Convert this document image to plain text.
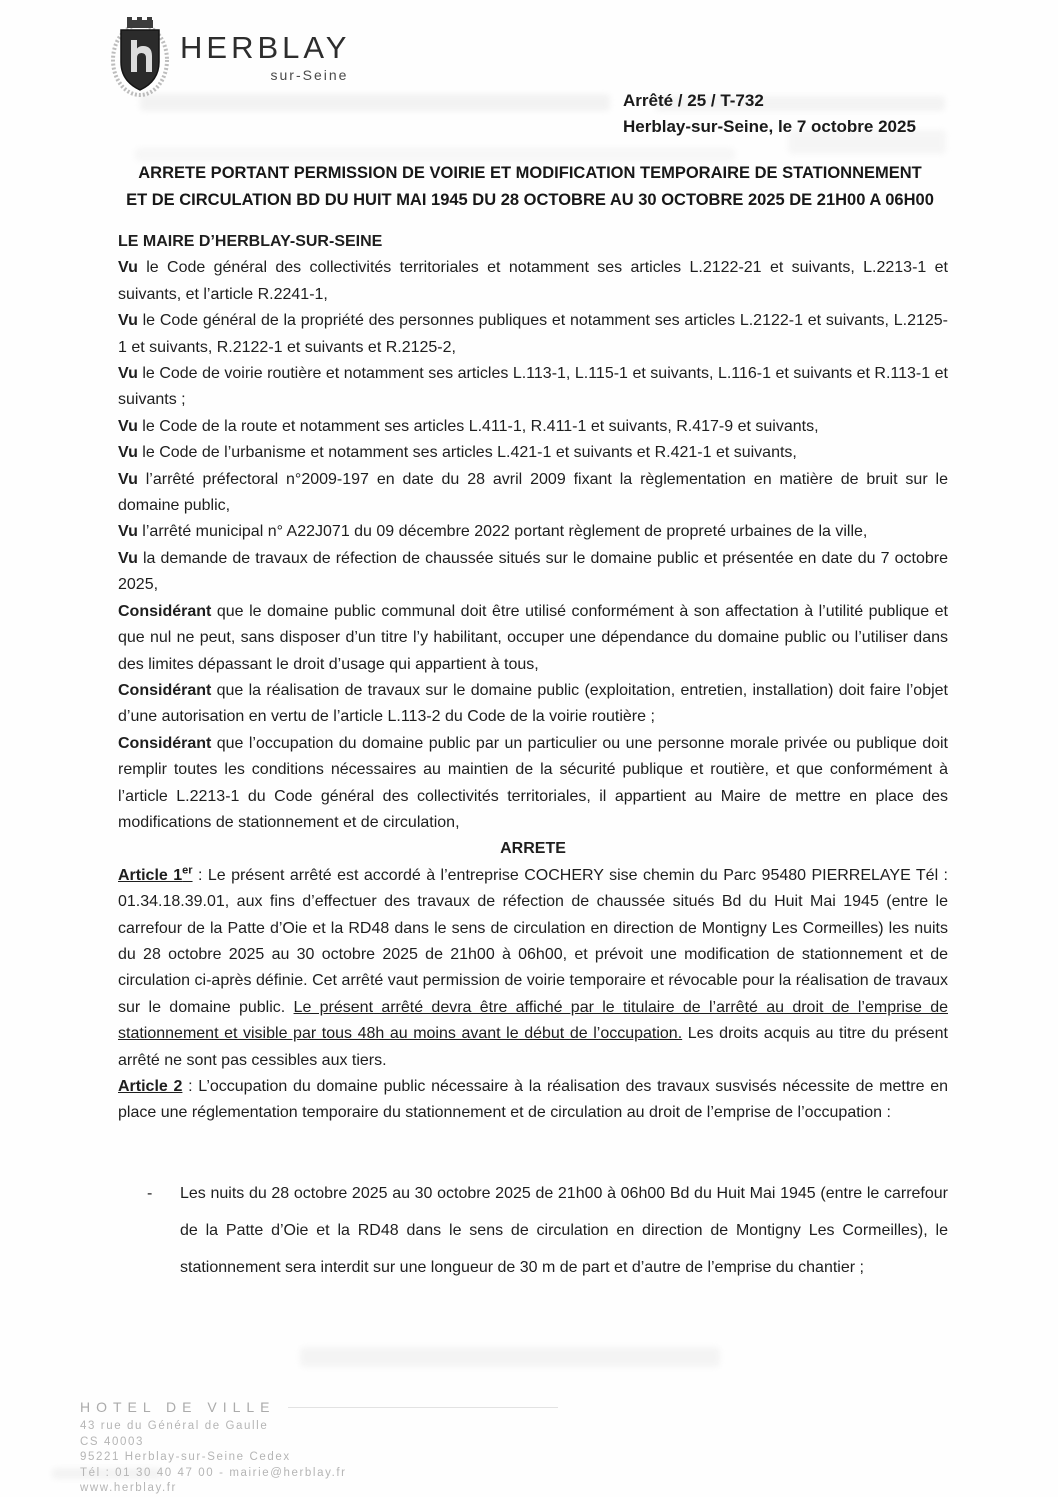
HERBLAY
sur-Seine
Arrêté / 25 / T-732
Herblay-sur-Seine, le 7 octobre 2025
ARRETE PORTANT PERMISSION DE VOIRIE ET MODIFICATION TEMPORAIRE DE STATIONNEMENT
ET DE CIRCULATION BD DU HUIT MAI 1945 DU 28 OCTOBRE AU 30 OCTOBRE 2025 DE 21H00 A 06H00

LE MAIRE D’HERBLAY-SUR-SEINE

Vu le Code général des collectivités territoriales et notamment ses articles L.2122-21 et suivants, L.2213-1 et suivants, et l’article R.2241-1,

Vu le Code général de la propriété des personnes publiques et notamment ses articles L.2122-1 et suivants, L.2125-1 et suivants, R.2122-1 et suivants et R.2125-2,

Vu le Code de voirie routière et notamment ses articles L.113-1, L.115-1 et suivants, L.116-1 et suivants et R.113-1 et suivants ;

Vu le Code de la route et notamment ses articles L.411-1, R.411-1 et suivants, R.417-9 et suivants,

Vu le Code de l’urbanisme et notamment ses articles L.421-1 et suivants et R.421-1 et suivants,

Vu l’arrêté préfectoral n°2009-197 en date du 28 avril 2009 fixant la règlementation en matière de bruit sur le domaine public,

Vu l’arrêté municipal n° A22J071 du 09 décembre 2022 portant règlement de propreté urbaines de la ville,

Vu la demande de travaux de réfection de chaussée situés sur le domaine public et présentée en date du 7 octobre 2025,

Considérant que le domaine public communal doit être utilisé conformément à son affectation à l’utilité publique et que nul ne peut, sans disposer d’un titre l’y habilitant, occuper une dépendance du domaine public ou l’utiliser dans des limites dépassant le droit d’usage qui appartient à tous,

Considérant que la réalisation de travaux sur le domaine public (exploitation, entretien, installation) doit faire l’objet d’une autorisation en vertu de l’article L.113-2 du Code de la voirie routière ;

Considérant que l’occupation du domaine public par un particulier ou une personne morale privée ou publique doit remplir toutes les conditions nécessaires au maintien de la sécurité publique et routière, et que conformément à l’article L.2213-1 du Code général des collectivités territoriales, il appartient au Maire de mettre en place des modifications de stationnement et de circulation,

ARRETE

Article 1er : Le présent arrêté est accordé à l’entreprise COCHERY sise chemin du Parc 95480 PIERRELAYE Tél : 01.34.18.39.01, aux fins d’effectuer des travaux de réfection de chaussée situés Bd du Huit Mai 1945 (entre le carrefour de la Patte d’Oie et la RD48 dans le sens de circulation en direction de Montigny Les Cormeilles) les nuits du 28 octobre 2025 au 30 octobre 2025 de 21h00 à 06h00, et prévoit une modification de stationnement et de circulation ci-après définie. Cet arrêté vaut permission de voirie temporaire et révocable pour la réalisation de travaux sur le domaine public. Le présent arrêté devra être affiché par le titulaire de l’arrêté au droit de l’emprise de stationnement et visible par tous 48h au moins avant le début de l’occupation. Les droits acquis au titre du présent arrêté ne sont pas cessibles aux tiers.

Article 2 : L’occupation du domaine public nécessaire à la réalisation des travaux susvisés nécessite de mettre en place une réglementation temporaire du stationnement et de circulation au droit de l’emprise de l’occupation :

-	Les nuits du 28 octobre 2025 au 30 octobre 2025 de 21h00 à 06h00 Bd du Huit Mai 1945 (entre le carrefour de la Patte d’Oie et la RD48 dans le sens de circulation en direction de Montigny Les Cormeilles), le stationnement sera interdit sur une longueur de 30 m de part et d’autre de l’emprise du chantier ;
HOTEL DE VILLE
43 rue du Général de Gaulle
CS 40003
95221 Herblay-sur-Seine Cedex
Tél : 01 30 40 47 00 - mairie@herblay.fr
www.herblay.fr
